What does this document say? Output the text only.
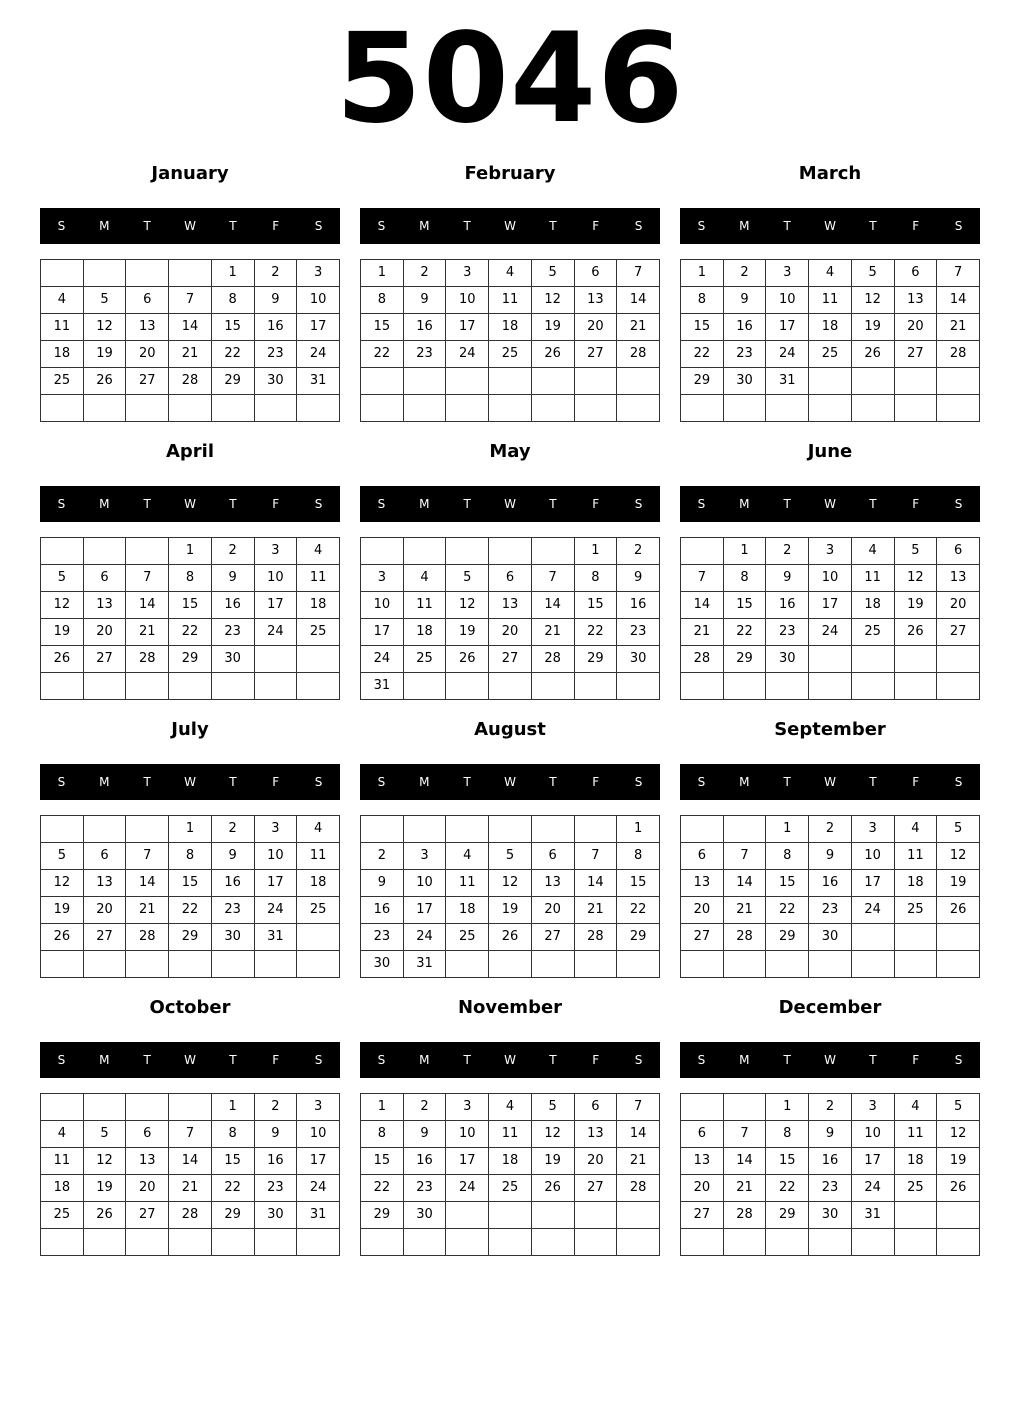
5046
January
S	M	T	W	T	F	S
				1	2	3
4	5	6	7	8	9	10
11	12	13	14	15	16	17
18	19	20	21	22	23	24
25	26	27	28	29	30	31

February
S	M	T	W	T	F	S
1	2	3	4	5	6	7
8	9	10	11	12	13	14
15	16	17	18	19	20	21
22	23	24	25	26	27	28

March
S	M	T	W	T	F	S
1	2	3	4	5	6	7
8	9	10	11	12	13	14
15	16	17	18	19	20	21
22	23	24	25	26	27	28
29	30	31				

April
S	M	T	W	T	F	S
			1	2	3	4
5	6	7	8	9	10	11
12	13	14	15	16	17	18
19	20	21	22	23	24	25
26	27	28	29	30		

May
S	M	T	W	T	F	S
					1	2
3	4	5	6	7	8	9
10	11	12	13	14	15	16
17	18	19	20	21	22	23
24	25	26	27	28	29	30
31						
June
S	M	T	W	T	F	S
	1	2	3	4	5	6
7	8	9	10	11	12	13
14	15	16	17	18	19	20
21	22	23	24	25	26	27
28	29	30				

July
S	M	T	W	T	F	S
			1	2	3	4
5	6	7	8	9	10	11
12	13	14	15	16	17	18
19	20	21	22	23	24	25
26	27	28	29	30	31	

August
S	M	T	W	T	F	S
						1
2	3	4	5	6	7	8
9	10	11	12	13	14	15
16	17	18	19	20	21	22
23	24	25	26	27	28	29
30	31					
September
S	M	T	W	T	F	S
		1	2	3	4	5
6	7	8	9	10	11	12
13	14	15	16	17	18	19
20	21	22	23	24	25	26
27	28	29	30			

October
S	M	T	W	T	F	S
				1	2	3
4	5	6	7	8	9	10
11	12	13	14	15	16	17
18	19	20	21	22	23	24
25	26	27	28	29	30	31

November
S	M	T	W	T	F	S
1	2	3	4	5	6	7
8	9	10	11	12	13	14
15	16	17	18	19	20	21
22	23	24	25	26	27	28
29	30					

December
S	M	T	W	T	F	S
		1	2	3	4	5
6	7	8	9	10	11	12
13	14	15	16	17	18	19
20	21	22	23	24	25	26
27	28	29	30	31		
